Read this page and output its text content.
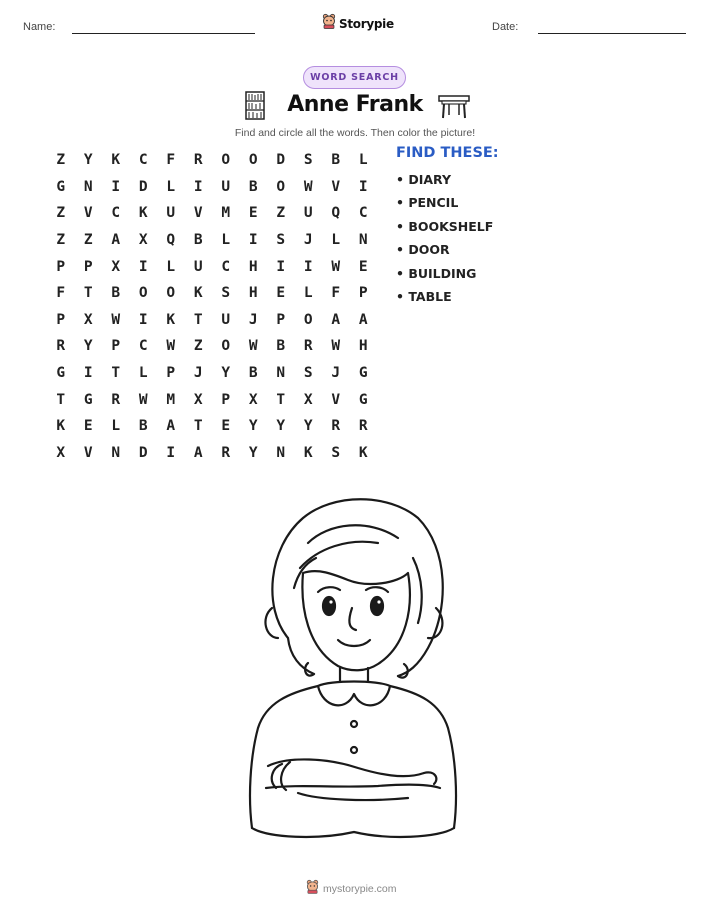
Name:	Storypie	Date:
WORD SEARCH
Anne Frank
Find and circle all the words. Then color the picture!
Z	Y	K	C	F	R	O	O	D	S	B	L
G	N	I	D	L	I	U	B	O	W	V	I
Z	V	C	K	U	V	M	E	Z	U	Q	C
Z	Z	A	X	Q	B	L	I	S	J	L	N
P	P	X	I	L	U	C	H	I	I	W	E
F	T	B	O	O	K	S	H	E	L	F	P
P	X	W	I	K	T	U	J	P	O	A	A
R	Y	P	C	W	Z	O	W	B	R	W	H
G	I	T	L	P	J	Y	B	N	S	J	G
T	G	R	W	M	X	P	X	T	X	V	G
K	E	L	B	A	T	E	Y	Y	Y	R	R
X	V	N	D	I	A	R	Y	N	K	S	K
FIND THESE:
• DIARY
• PENCIL
• BOOKSHELF
• DOOR
• BUILDING
• TABLE
mystorypie.com
